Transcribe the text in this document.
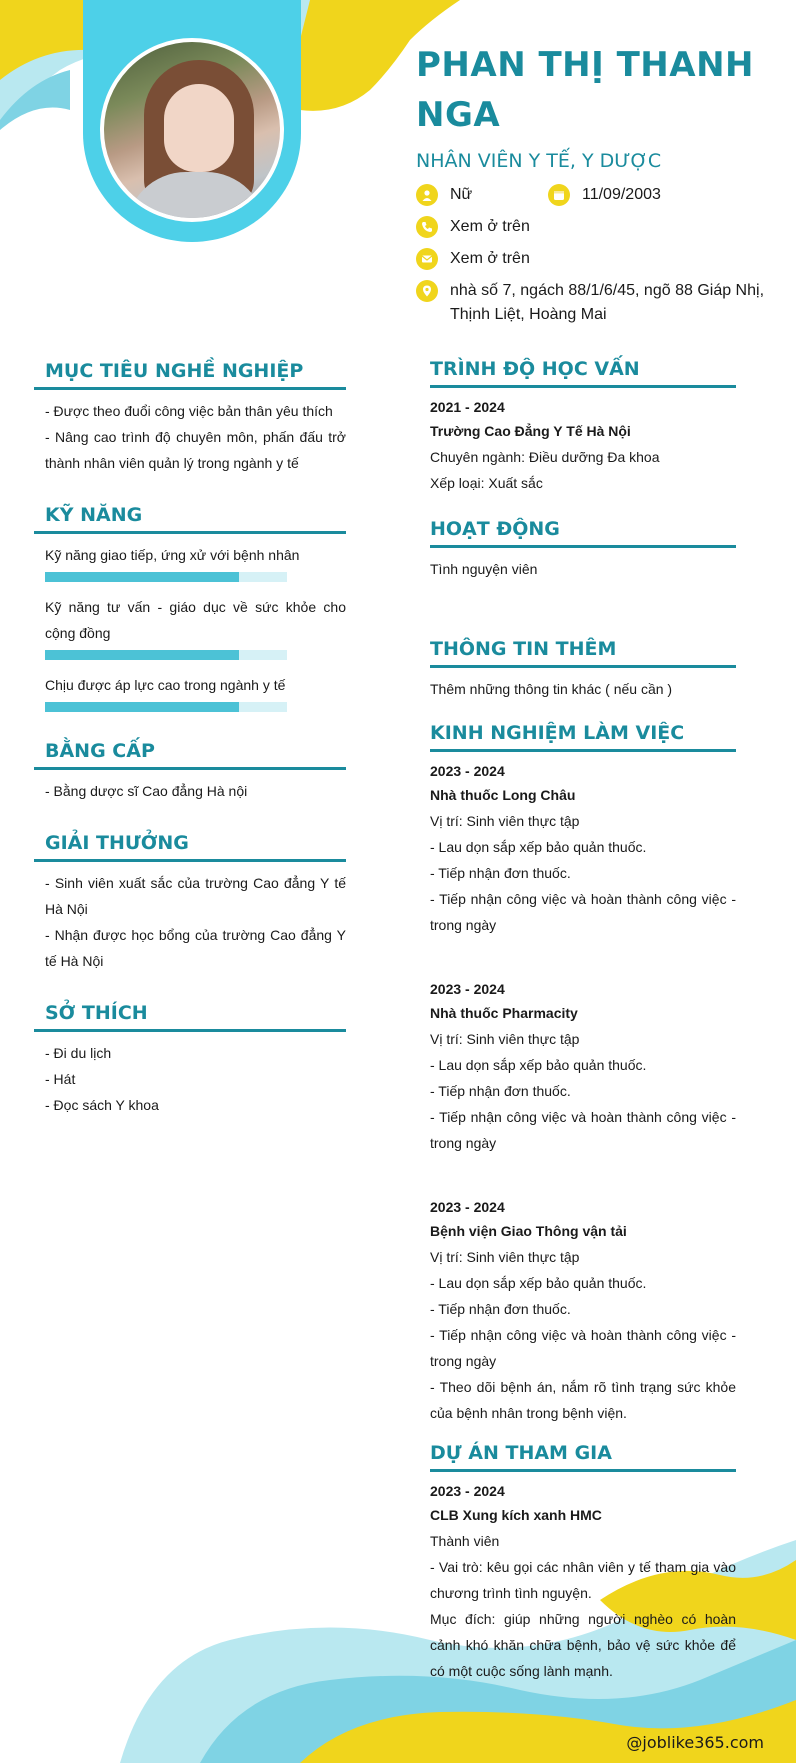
PHAN THỊ THANH NGA
NHÂN VIÊN Y TẾ, Y DƯỢC
Nữ	11/09/2003
Xem ở trên
Xem ở trên
nhà số 7, ngách 88/1/6/45, ngõ 88 Giáp Nhị, Thịnh Liệt, Hoàng Mai
MỤC TIÊU NGHỀ NGHIỆP

- Được theo đuổi công việc bản thân yêu thích

- Nâng cao trình độ chuyên môn, phấn đấu trở thành nhân viên quản lý trong ngành y tế

KỸ NĂNG
Kỹ năng giao tiếp, ứng xử với bệnh nhân
Kỹ năng tư vấn - giáo dục về sức khỏe cho cộng đồng
Chịu được áp lực cao trong ngành y tế
BẰNG CẤP

- Bằng dược sĩ Cao đẳng Hà nội

GIẢI THƯỞNG

- Sinh viên xuất sắc của trường Cao đẳng Y tế Hà Nội

- Nhận được học bổng của trường Cao đẳng Y tế Hà Nội

SỞ THÍCH

- Đi du lịch

- Hát

- Đọc sách Y khoa

TRÌNH ĐỘ HỌC VẤN

2021 - 2024

Trường Cao Đẳng Y Tế Hà Nội

Chuyên ngành: Điều dưỡng Đa khoa

Xếp loại: Xuất sắc

HOẠT ĐỘNG

Tình nguyện viên

THÔNG TIN THÊM

Thêm những thông tin khác ( nếu cần )

KINH NGHIỆM LÀM VIỆC

2023 - 2024

Nhà thuốc Long Châu

Vị trí: Sinh viên thực tập

- Lau dọn sắp xếp bảo quản thuốc.

- Tiếp nhận đơn thuốc.

- Tiếp nhận công việc và hoàn thành công việc - trong ngày

2023 - 2024

Nhà thuốc Pharmacity

Vị trí: Sinh viên thực tập

- Lau dọn sắp xếp bảo quản thuốc.

- Tiếp nhận đơn thuốc.

- Tiếp nhận công việc và hoàn thành công việc - trong ngày

2023 - 2024

Bệnh viện Giao Thông vận tải

Vị trí: Sinh viên thực tập

- Lau dọn sắp xếp bảo quản thuốc.

- Tiếp nhận đơn thuốc.

- Tiếp nhận công việc và hoàn thành công việc - trong ngày

- Theo dõi bệnh án, nắm rõ tình trạng sức khỏe của bệnh nhân trong bệnh viện.

DỰ ÁN THAM GIA

2023 - 2024

CLB Xung kích xanh HMC

Thành viên

- Vai trò: kêu gọi các nhân viên y tế tham gia vào chương trình tình nguyện.

Mục đích: giúp những người nghèo có hoàn cảnh khó khăn chữa bệnh, bảo vệ sức khỏe để có một cuộc sống lành mạnh.

@joblike365.com
